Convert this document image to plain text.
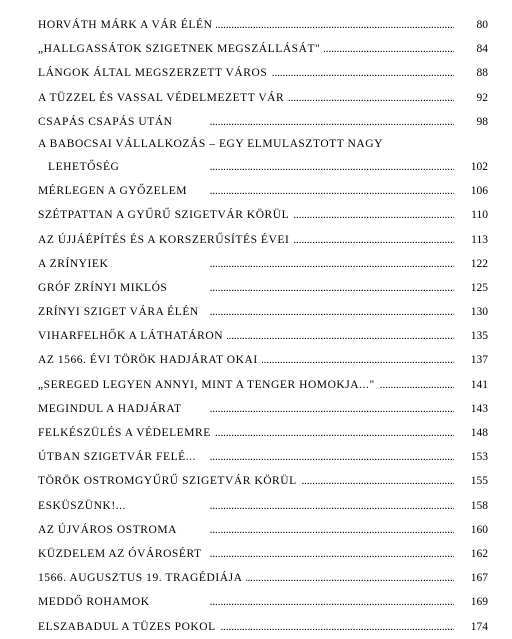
. . .
HORVÁTH MÁRK A VÁR ÉLÉN	80
. . .
„HALLGASSÁTOK SZIGETNEK MEGSZÁLLÁSÁT"	84
. . .
LÁNGOK ÁLTAL MEGSZERZETT VÁROS	88
. . .
A TÜZZEL ÉS VASSAL VÉDELMEZETT VÁR	92
. . .
CSAPÁS CSAPÁS UTÁN	98
A BABOCSAI VÁLLALKOZÁS – EGY ELMULASZTOTT NAGY
. . .
LEHETŐSÉG	102
. . .
MÉRLEGEN A GYŐZELEM	106
. . .
SZÉTPATTAN A GYŰRŰ SZIGETVÁR KÖRÜL	110
. . .
AZ ÚJJÁÉPÍTÉS ÉS A KORSZERŰSÍTÉS ÉVEI	113
. . .
A ZRÍNYIEK	122
. . .
GRÓF ZRÍNYI MIKLÓS	125
. . .
ZRÍNYI SZIGET VÁRA ÉLÉN	130
. . .
VIHARFELHŐK A LÁTHATÁRON	135
. . .
AZ 1566. ÉVI TÖRÖK HADJÁRAT OKAI	137
. . .
„SEREGED LEGYEN ANNYI, MINT A TENGER HOMOKJA..."	141
. . .
MEGINDUL A HADJÁRAT	143
. . .
FELKÉSZÜLÉS A VÉDELEMRE	148
. . .
ÚTBAN SZIGETVÁR FELÉ...	153
. . .
TÖRÖK OSTROMGYŰRŰ SZIGETVÁR KÖRÜL	155
. . .
ESKÜSZÜNK!...	158
. . .
AZ ÚJVÁROS OSTROMA	160
. . .
KÜZDELEM AZ ÓVÁROSÉRT	162
. . .
1566. AUGUSZTUS 19. TRAGÉDIÁJA	167
. . .
MEDDŐ ROHAMOK	169
. . .
ELSZABADUL A TÜZES POKOL	174
